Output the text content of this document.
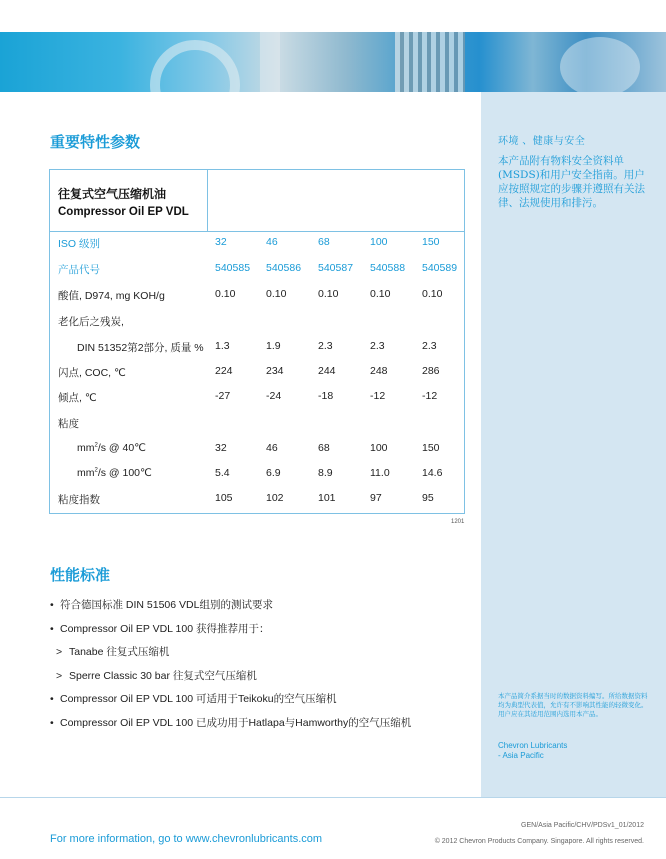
环境 、健康与安全
本产品附有物料安全资料单(MSDS)和用户安全指南。用户应按照规定的步骤并遵照有关法律、法规使用和排污。
本产品简介系据当时的数据资料编写。所给数据资料均为典型代表值，允许有不影响其性能的轻微变化。用户应在其适用范围内选用本产品。
Chevron Lubricants
- Asia Pacific
重要特性参数
往复式空气压缩机油
Compressor Oil EP VDL
ISO 级别	32	46	68	100	150
产品代号	540585 540586 540587 540588 540589
酸值, D974, mg KOH/g	0.10	0.10	0.10	0.10	0.10
老化后之残炭,
DIN 51352第2部分, 质量 % 1.3	1.9	2.3	2.3	2.3
闪点, COC, ℃	224	234	244	248	286
倾点, ℃	-27	-24	-18	-12	-12
粘度
$mm^2/s$ @ 40℃	32	46	68	100	150
$mm^2/s$ @ 100℃	5.4	6.9	8.9	11.0	14.6
粘度指数	105	102	101	97	95
1201
性能标准
• 符合德国标准 DIN 51506 VDL组别的测试要求
• Compressor Oil EP VDL 100 获得推荐用于：
> Tanabe 往复式压缩机
> Sperre Classic 30 bar 往复式空气压缩机
• Compressor Oil EP VDL 100 可适用于Teikoku的空气压缩机
• Compressor Oil EP VDL 100 已成功用于Hatlapa与Hamworthy的空气压缩机
For more information, go to www.chevronlubricants.com
GEN/Asia Pacific/CHV/PDSv1_01/2012
© 2012 Chevron Products Company. Singapore. All rights reserved.
